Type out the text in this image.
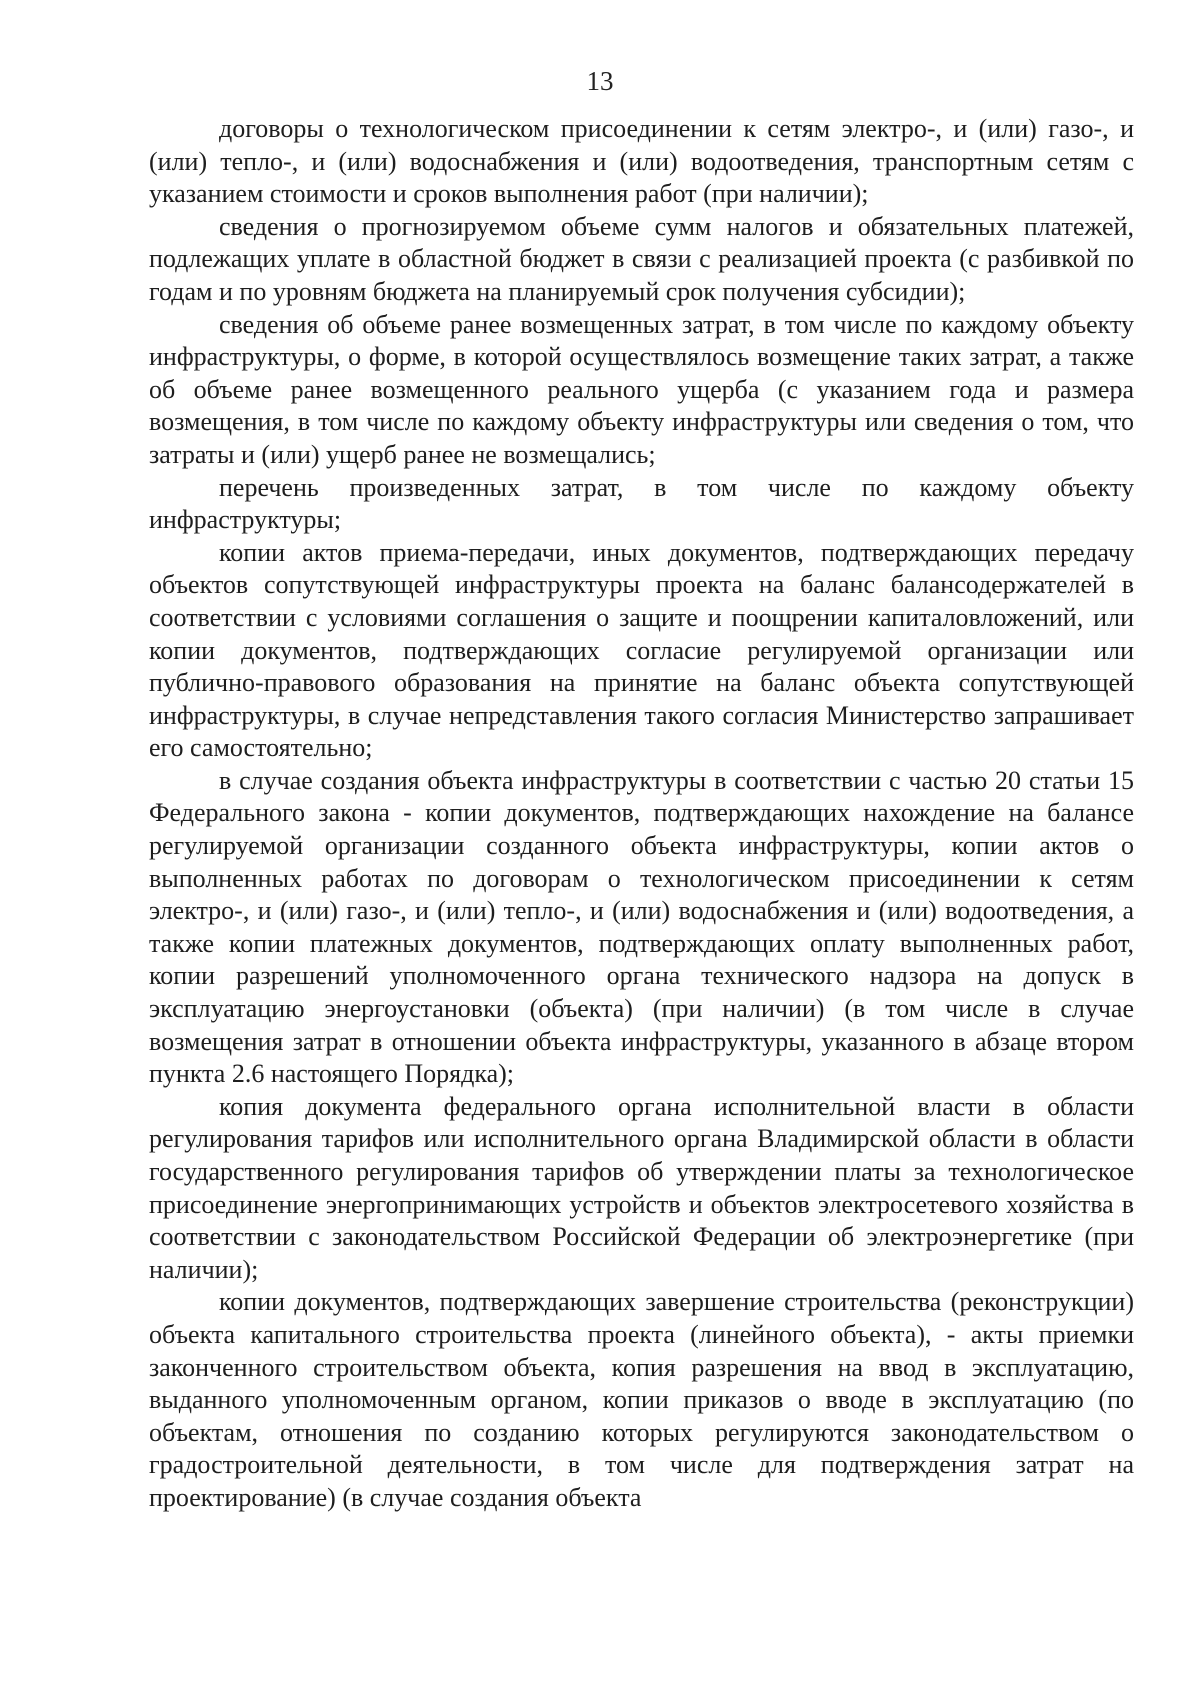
13

договоры о технологическом присоединении к сетям электро-, и (или) газо-, и (или) тепло-, и (или) водоснабжения и (или) водоотведения, транспортным сетям с указанием стоимости и сроков выполнения работ (при наличии);

сведения о прогнозируемом объеме сумм налогов и обязательных платежей, подлежащих уплате в областной бюджет в связи с реализацией проекта (с разбивкой по годам и по уровням бюджета на планируемый срок получения субсидии);

сведения об объеме ранее возмещенных затрат, в том числе по каждому объекту инфраструктуры, о форме, в которой осуществлялось возмещение таких затрат, а также об объеме ранее возмещенного реального ущерба (с указанием года и размера возмещения, в том числе по каждому объекту инфраструктуры или сведения о том, что затраты и (или) ущерб ранее не возмещались;

перечень произведенных затрат, в том числе по каждому объекту инфраструктуры;

копии актов приема-передачи, иных документов, подтверждающих передачу объектов сопутствующей инфраструктуры проекта на баланс балансодержателей в соответствии с условиями соглашения о защите и поощрении капиталовложений, или копии документов, подтверждающих согласие регулируемой организации или публично-правового образования на принятие на баланс объекта сопутствующей инфраструктуры, в случае непредставления такого согласия Министерство запрашивает его самостоятельно;

в случае создания объекта инфраструктуры в соответствии с частью 20 статьи 15 Федерального закона - копии документов, подтверждающих нахождение на балансе регулируемой организации созданного объекта инфраструктуры, копии актов о выполненных работах по договорам о технологическом присоединении к сетям электро-, и (или) газо-, и (или) тепло-, и (или) водоснабжения и (или) водоотведения, а также копии платежных документов, подтверждающих оплату выполненных работ, копии разрешений уполномоченного органа технического надзора на допуск в эксплуатацию энергоустановки (объекта) (при наличии) (в том числе в случае возмещения затрат в отношении объекта инфраструктуры, указанного в абзаце втором пункта 2.6 настоящего Порядка);

копия документа федерального органа исполнительной власти в области регулирования тарифов или исполнительного органа Владимирской области в области государственного регулирования тарифов об утверждении платы за технологическое присоединение энергопринимающих устройств и объектов электросетевого хозяйства в соответствии с законодательством Российской Федерации об электроэнергетике (при наличии);

копии документов, подтверждающих завершение строительства (реконструкции) объекта капитального строительства проекта (линейного объекта), - акты приемки законченного строительством объекта, копия разрешения на ввод в эксплуатацию, выданного уполномоченным органом, копии приказов о вводе в эксплуатацию (по объектам, отношения по созданию которых регулируются законодательством о градостроительной деятельности, в том числе для подтверждения затрат на проектирование) (в случае создания объекта
